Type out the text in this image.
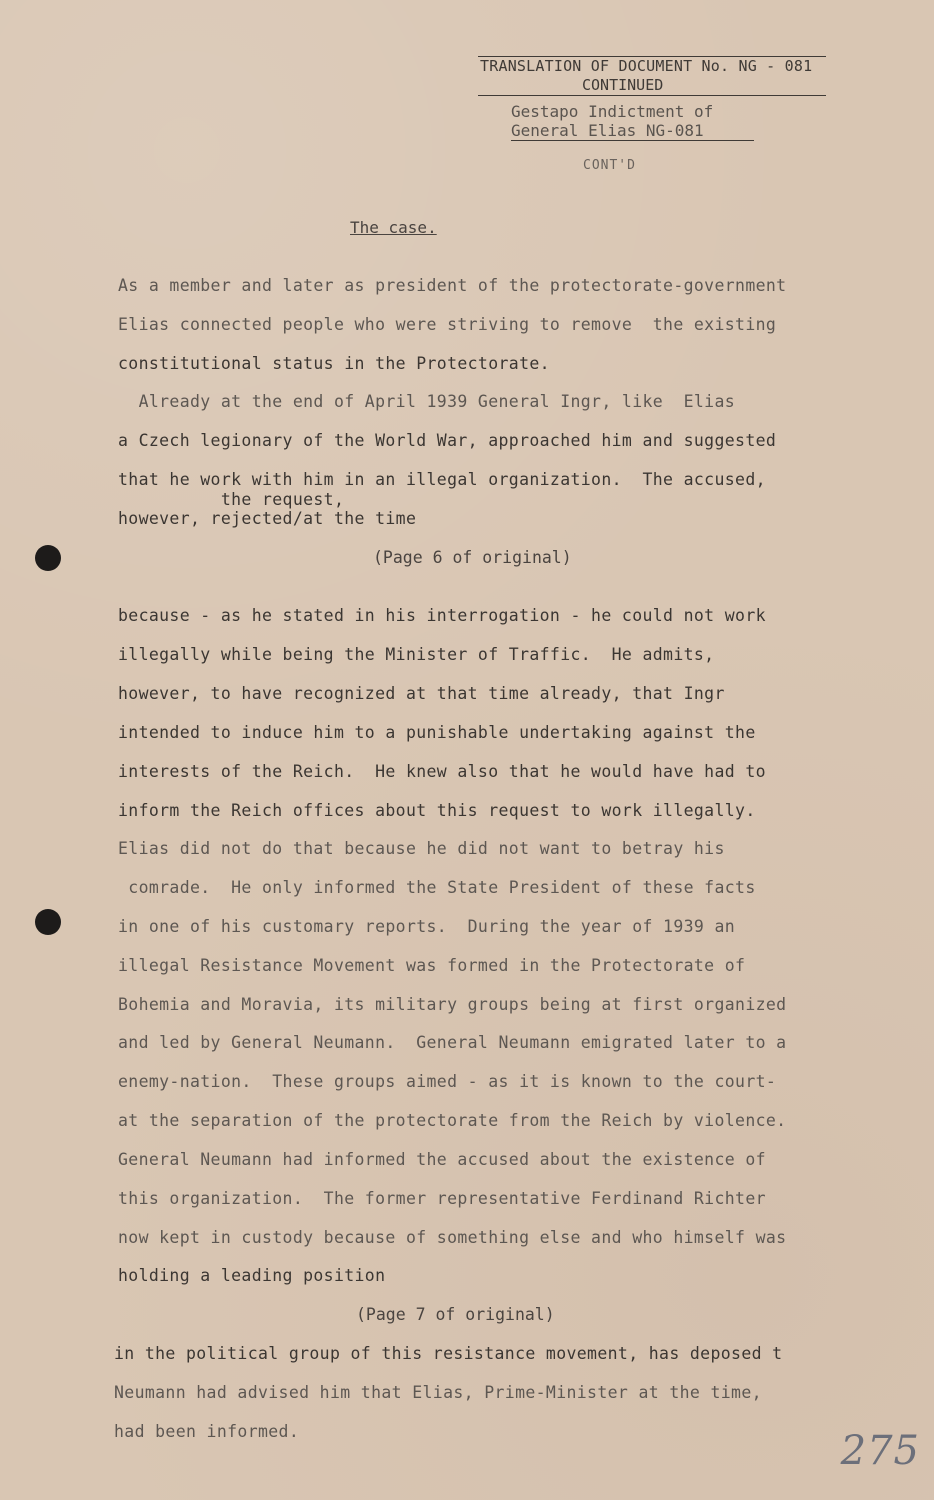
TRANSLATION OF DOCUMENT No. NG - 081
CONTINUED
Gestapo Indictment of
General Elias NG-081
CONT'D
The case.
As a member and later as president of the protectorate-government
Elias connected people who were striving to remove  the existing
constitutional status in the Protectorate.
Already at the end of April 1939 General Ingr, like  Elias
a Czech legionary of the World War, approached him and suggested
that he work with him in an illegal organization.  The accused,
the request,
however, rejected/at the time
(Page 6 of original)
because - as he stated in his interrogation - he could not work
illegally while being the Minister of Traffic.  He admits,
however, to have recognized at that time already, that Ingr
intended to induce him to a punishable undertaking against the
interests of the Reich.  He knew also that he would have had to
inform the Reich offices about this request to work illegally.
Elias did not do that because he did not want to betray his
comrade.  He only informed the State President of these facts
in one of his customary reports.  During the year of 1939 an
illegal Resistance Movement was formed in the Protectorate of
Bohemia and Moravia, its military groups being at first organized
and led by General Neumann.  General Neumann emigrated later to a
enemy-nation.  These groups aimed - as it is known to the court-
at the separation of the protectorate from the Reich by violence.
General Neumann had informed the accused about the existence of
this organization.  The former representative Ferdinand Richter
now kept in custody because of something else and who himself was
holding a leading position
(Page 7 of original)
in the political group of this resistance movement, has deposed t
Neumann had advised him that Elias, Prime-Minister at the time,
had been informed.	275
